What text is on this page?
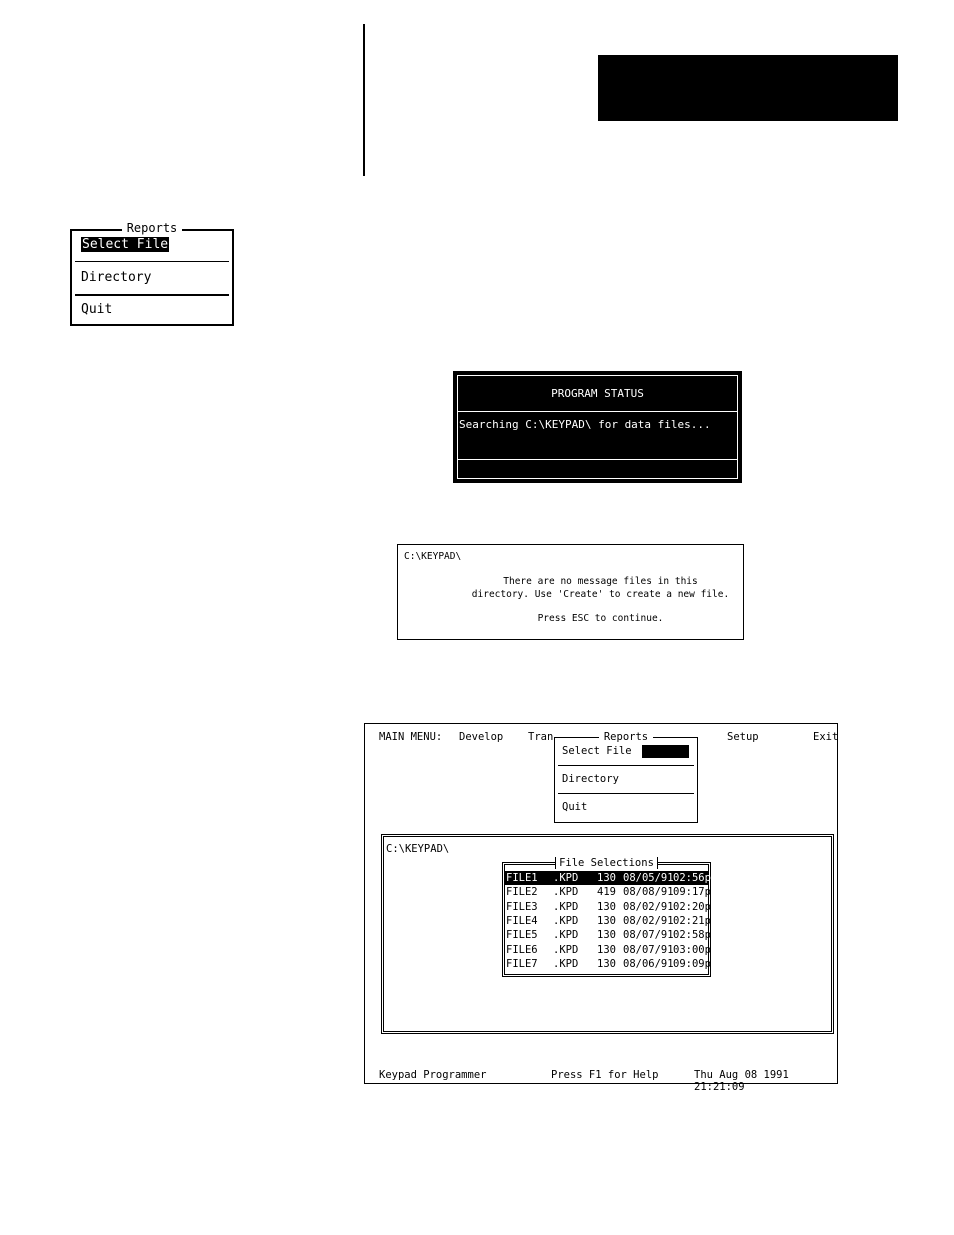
Reports
Select File
Directory
Quit
PROGRAM STATUS
Searching C:\KEYPAD\ for data files...
C:\KEYPAD\
There are no message files in this
directory. Use 'Create' to create a new file.
Press ESC to continue.
MAIN MENU: Develop Tran	Setup	Exit
Reports
Select File
Directory
Quit
C:\KEYPAD\
File Selections
FILE1 .KPD 130 08/05/91 02:56p
FILE2 .KPD 419 08/08/91 09:17p
FILE3 .KPD 130 08/02/91 02:20p
FILE4 .KPD 130 08/02/91 02:21p
FILE5 .KPD 130 08/07/91 02:58p
FILE6 .KPD 130 08/07/91 03:00p
FILE7 .KPD 130 08/06/91 09:09p
Keypad Programmer	Press F1 for Help	Thu Aug 08 1991 21:21:09
